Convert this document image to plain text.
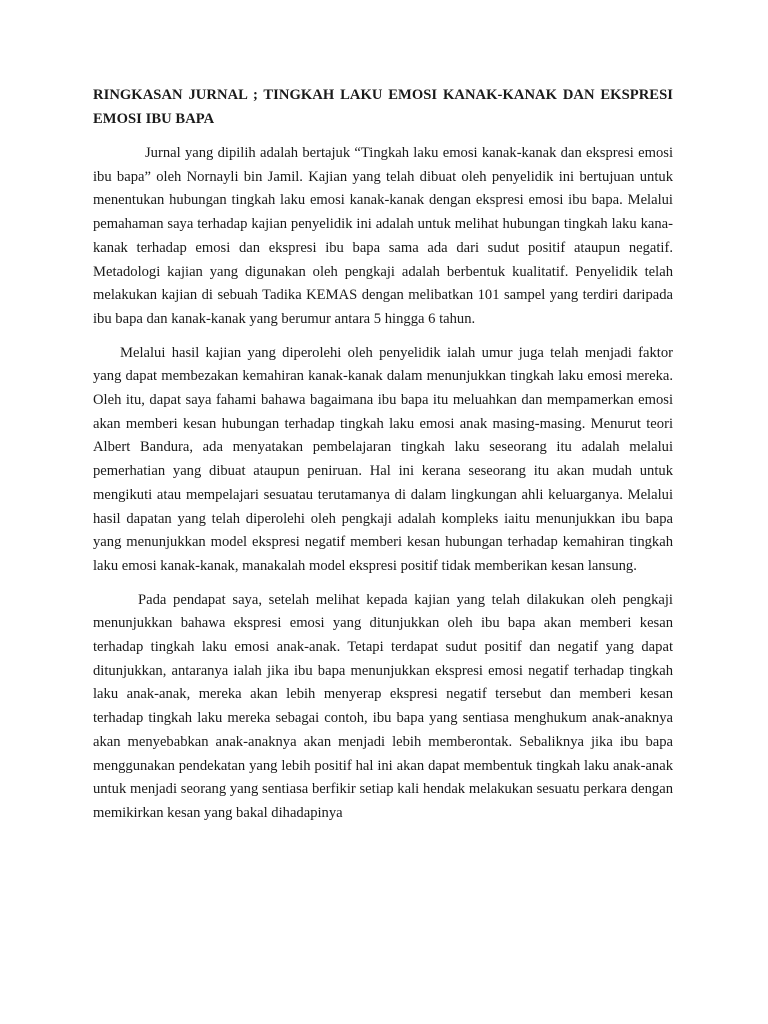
RINGKASAN JURNAL ; TINGKAH LAKU EMOSI KANAK-KANAK DAN EKSPRESI EMOSI IBU BAPA

Jurnal yang dipilih adalah bertajuk “Tingkah laku emosi kanak-kanak dan ekspresi emosi ibu bapa” oleh Nornayli bin Jamil. Kajian yang telah dibuat oleh penyelidik ini bertujuan untuk menentukan hubungan tingkah laku emosi kanak-kanak dengan ekspresi emosi ibu bapa. Melalui pemahaman saya terhadap kajian penyelidik ini adalah untuk melihat hubungan tingkah laku kana-kanak terhadap emosi dan ekspresi ibu bapa sama ada dari sudut positif ataupun negatif. Metadologi kajian yang digunakan oleh pengkaji adalah berbentuk kualitatif. Penyelidik telah melakukan kajian di sebuah Tadika KEMAS dengan melibatkan 101 sampel yang terdiri daripada ibu bapa dan kanak-kanak yang berumur antara 5 hingga 6 tahun.

Melalui hasil kajian yang diperolehi oleh penyelidik ialah umur juga telah menjadi faktor yang dapat membezakan kemahiran kanak-kanak dalam menunjukkan tingkah laku emosi mereka. Oleh itu, dapat saya fahami bahawa bagaimana ibu bapa itu meluahkan dan mempamerkan emosi akan memberi kesan hubungan terhadap tingkah laku emosi anak masing-masing. Menurut teori Albert Bandura, ada menyatakan pembelajaran tingkah laku seseorang itu adalah melalui pemerhatian yang dibuat ataupun peniruan. Hal ini kerana seseorang itu akan mudah untuk mengikuti atau mempelajari sesuatau terutamanya di dalam lingkungan ahli keluarganya. Melalui hasil dapatan yang telah diperolehi oleh pengkaji adalah kompleks iaitu menunjukkan ibu bapa yang menunjukkan model ekspresi negatif memberi kesan hubungan terhadap kemahiran tingkah laku emosi kanak-kanak, manakalah model ekspresi positif tidak memberikan kesan lansung.

Pada pendapat saya, setelah melihat kepada kajian yang telah dilakukan oleh pengkaji menunjukkan bahawa ekspresi emosi yang ditunjukkan oleh ibu bapa akan memberi kesan terhadap tingkah laku emosi anak-anak. Tetapi terdapat sudut positif dan negatif yang dapat ditunjukkan, antaranya ialah jika ibu bapa menunjukkan ekspresi emosi negatif terhadap tingkah laku anak-anak, mereka akan lebih menyerap ekspresi negatif tersebut dan memberi kesan terhadap tingkah laku mereka sebagai contoh, ibu bapa yang sentiasa menghukum anak-anaknya akan menyebabkan anak-anaknya akan menjadi lebih memberontak. Sebaliknya jika ibu bapa menggunakan pendekatan yang lebih positif hal ini akan dapat membentuk tingkah laku anak-anak untuk menjadi seorang yang sentiasa berfikir setiap kali hendak melakukan sesuatu perkara dengan memikirkan kesan yang bakal dihadapinya
